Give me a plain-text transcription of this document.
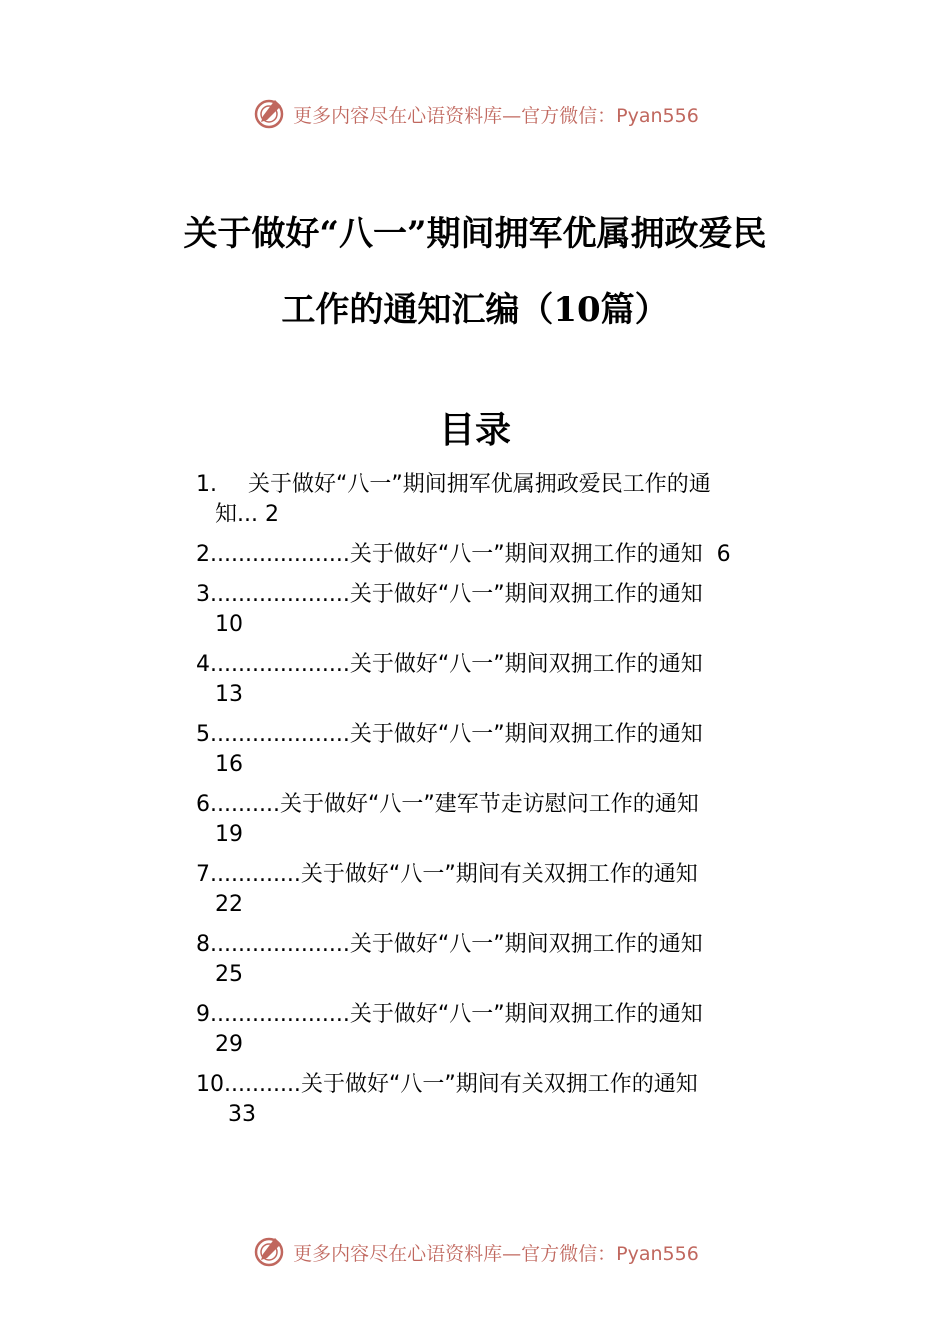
更多内容尽在心语资料库—官方微信：Pyan556
关于做好“八一”期间拥军优属拥政爱民
工作的通知汇编（10篇）
目录
1. 关于做好“八一”期间拥军优属拥政爱民工作的通
知... 2
2....................关于做好“八一”期间双拥工作的通知 6
3....................关于做好“八一”期间双拥工作的通知
10
4....................关于做好“八一”期间双拥工作的通知
13
5....................关于做好“八一”期间双拥工作的通知
16
6..........关于做好“八一”建军节走访慰问工作的通知
19
7.............关于做好“八一”期间有关双拥工作的通知
22
8....................关于做好“八一”期间双拥工作的通知
25
9....................关于做好“八一”期间双拥工作的通知
29
10...........关于做好“八一”期间有关双拥工作的通知
33
更多内容尽在心语资料库—官方微信：Pyan556
